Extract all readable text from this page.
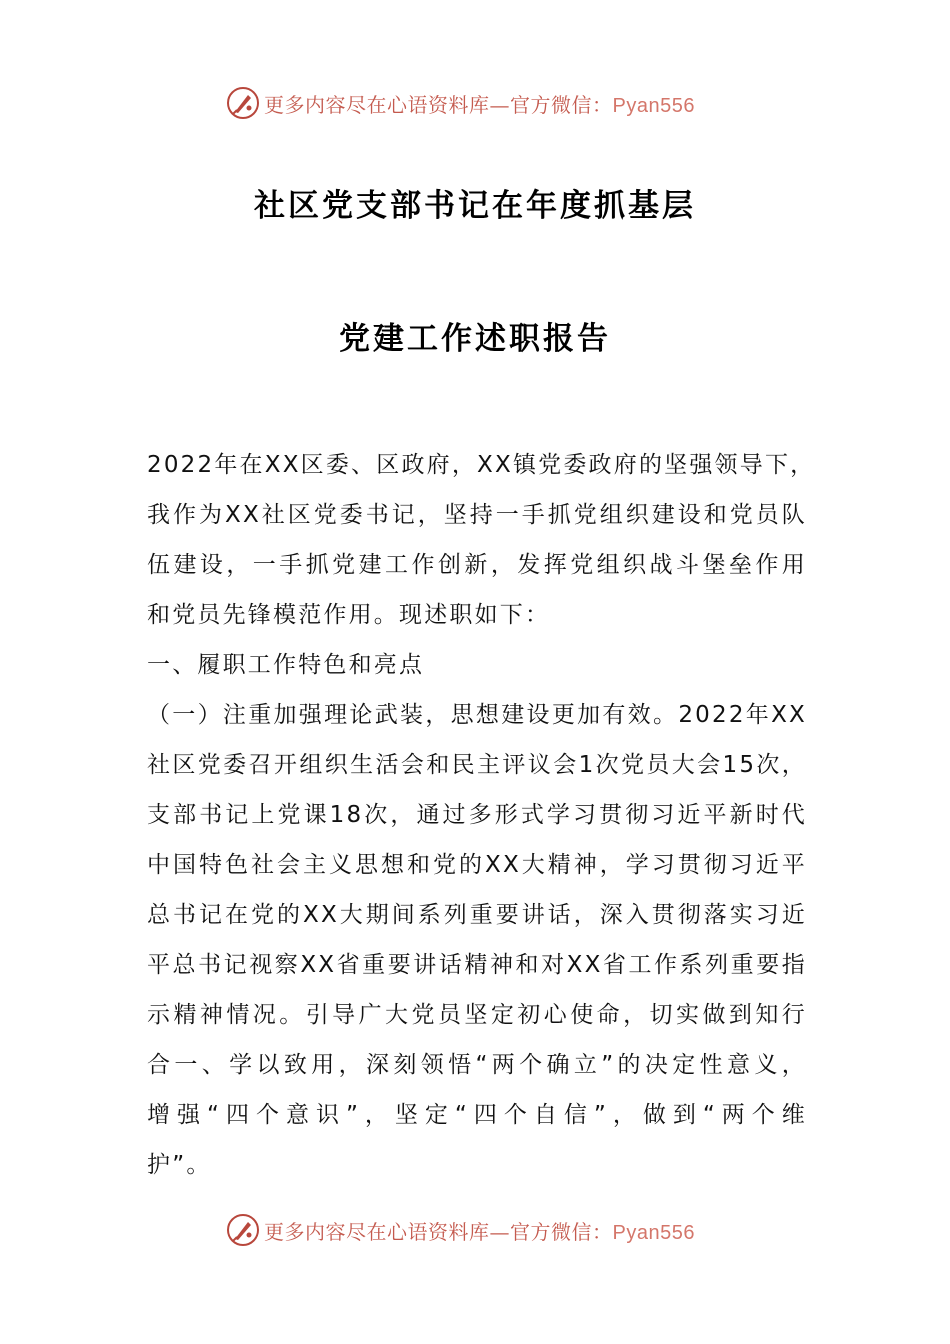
更多内容尽在心语资料库—官方微信：Pyan556
社区党支部书记在年度抓基层
党建工作述职报告
2022年在XX区委、区政府，XX镇党委政府的坚强领导下，
我作为XX社区党委书记，坚持一手抓党组织建设和党员队
伍建设，一手抓党建工作创新，发挥党组织战斗堡垒作用
和党员先锋模范作用。现述职如下：
一、履职工作特色和亮点
（一）注重加强理论武装，思想建设更加有效。2022年XX
社区党委召开组织生活会和民主评议会1次党员大会15次，
支部书记上党课18次，通过多形式学习贯彻习近平新时代
中国特色社会主义思想和党的XX大精神，学习贯彻习近平
总书记在党的XX大期间系列重要讲话，深入贯彻落实习近
平总书记视察XX省重要讲话精神和对XX省工作系列重要指
示精神情况。引导广大党员坚定初心使命，切实做到知行
合一、学以致用，深刻领悟“两个确立”的决定性意义，
增强“四个意识”，坚定“四个自信”，做到“两个维
护”。
更多内容尽在心语资料库—官方微信：Pyan556
